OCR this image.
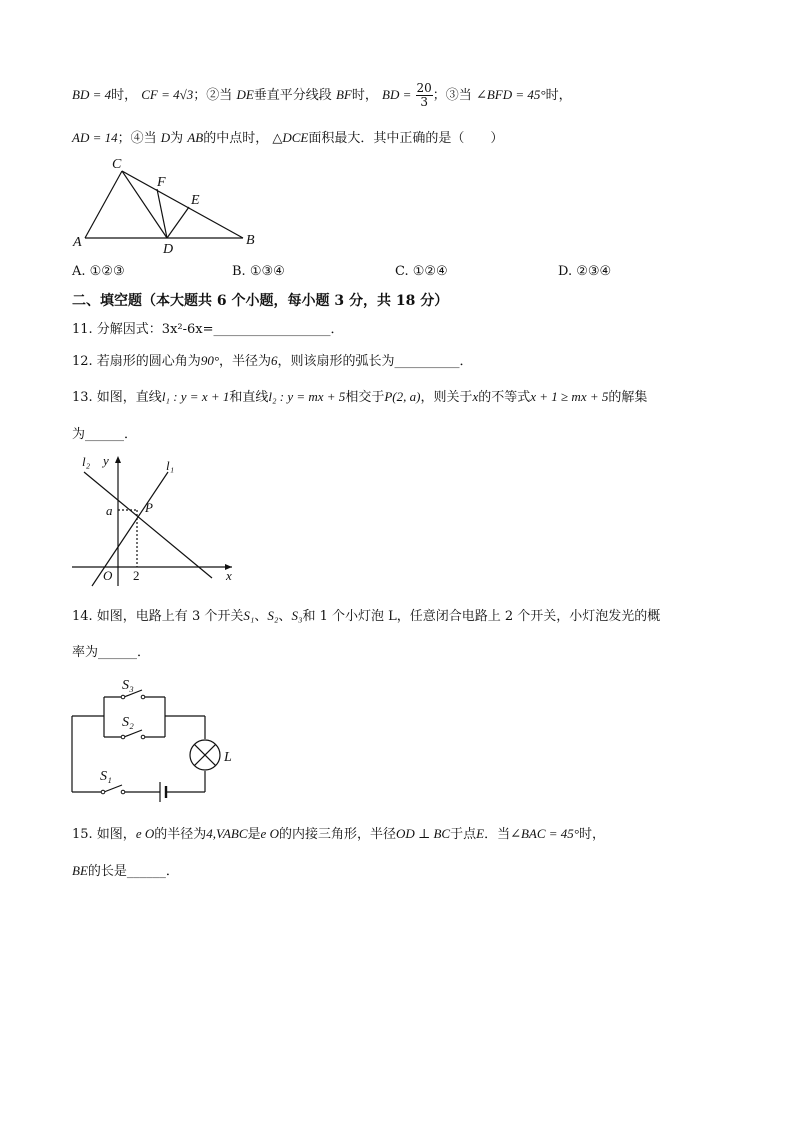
BD = 4时， CF = 4√3；②当 DE垂直平分线段 BF时， BD = $\frac{20}{3}$ ；③当 ∠BFD = 45°时，
AD = 14；④当 D为 AB的中点时， △DCE面积最大．其中正确的是（　　）
C
F
E
A	D
B
A. ①②③	B. ①③④	C. ①②④	D. ②③④
二、填空题（本大题共 6 个小题，每小题 3 分，共 18 分）
11. 分解因式：3x²-6x=__________________．
12. 若扇形的圆心角为90°，半径为6，则该扇形的弧长为__________．
13. 如图，直线l₁ : y = x + 1和直线l₂ : y = mx + 5相交于P(2, a)，则关于x的不等式x + 1 ≥ mx + 5的解集
为______．
l₂ y	l₁
a	P
O	x
2
14. 如图，电路上有 3 个开关S₁、S₂、S₃和 1 个小灯泡 L，任意闭合电路上 2 个开关，小灯泡发光的概
率为______．
S₃
S₂
S₁
L
15. 如图，e O的半径为4,VABC是e O的内接三角形，半径OD ⊥ BC于点E．当∠BAC = 45°时，
BE的长是______．
